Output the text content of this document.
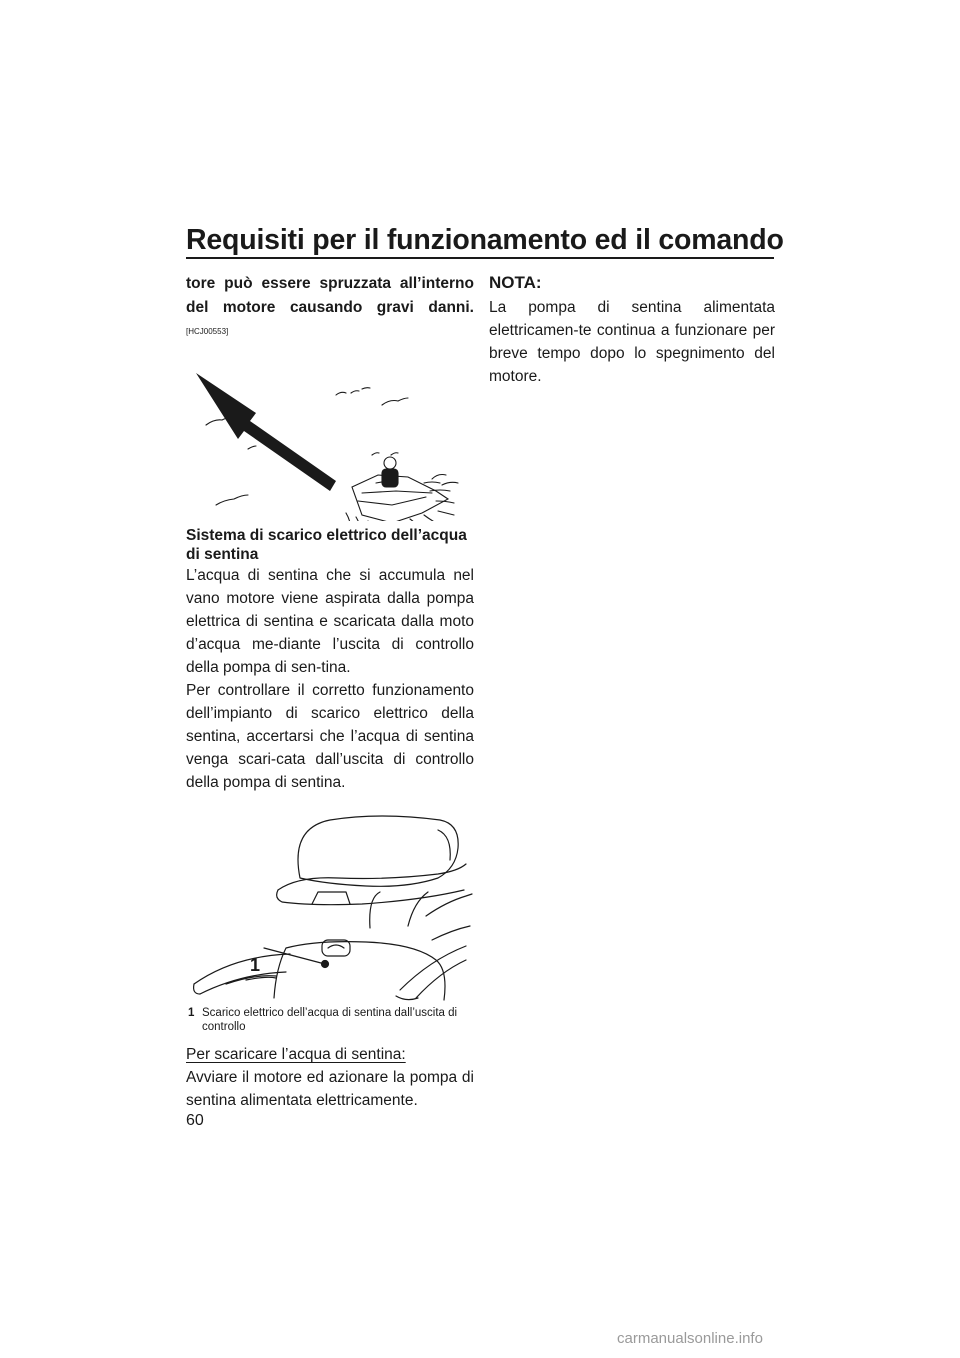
Requisiti per il funzionamento ed il comando

tore può essere spruzzata all’interno del motore causando gravi danni. [HCJ00553]

Sistema di scarico elettrico dell’acqua di sentina

L’acqua di sentina che si accumula nel vano motore viene aspirata dalla pompa elettrica di sentina e scaricata dalla moto d’acqua me-diante l’uscita di controllo della pompa di sen-tina.

Per controllare il corretto funzionamento dell’impianto di scarico elettrico della sentina, accertarsi che l’acqua di sentina venga scari-cata dall’uscita di controllo della pompa di sentina.

1
1 Scarico elettrico dell’acqua di sentina dall’uscita di controllo

Per scaricare l’acqua di sentina:

Avviare il motore ed azionare la pompa di sentina alimentata elettricamente.

NOTA:

La pompa di sentina alimentata elettricamen-te continua a funzionare per breve tempo dopo lo spegnimento del motore.

60
carmanualsonline.info
